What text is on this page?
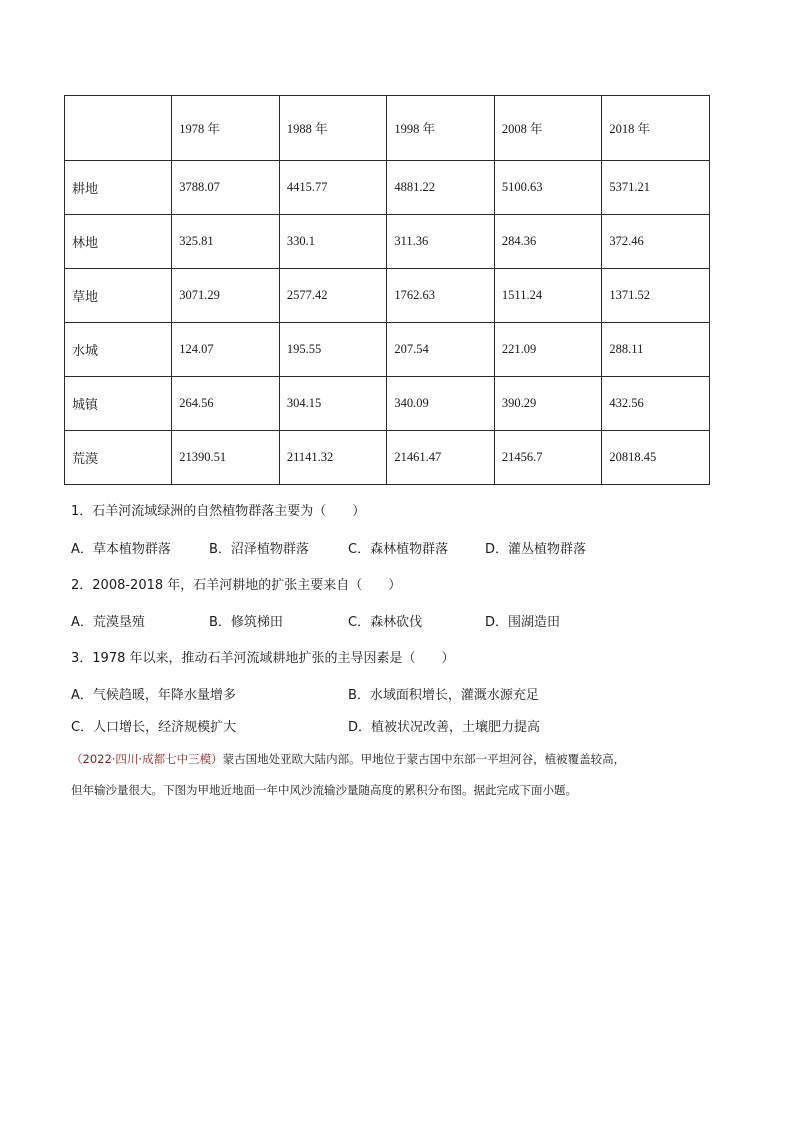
	1978 年	1988 年	1998 年	2008 年	2018 年
耕地	3788.07	4415.77	4881.22	5100.63	5371.21
林地	325.81	330.1	311.36	284.36	372.46
草地	3071.29	2577.42	1762.63	1511.24	1371.52
水城	124.07	195.55	207.54	221.09	288.11
城镇	264.56	304.15	340.09	390.29	432.56
荒漠	21390.51	21141.32	21461.47	21456.7	20818.45
1．石羊河流域绿洲的自然植物群落主要为（　　）
A．草本植物群落	B．沼泽植物群落	C．森林植物群落	D．灌丛植物群落
2．2008-2018 年，石羊河耕地的扩张主要来自（　　）
A．荒漠垦殖	B．修筑梯田	C．森林砍伐	D．围湖造田
3．1978 年以来，推动石羊河流域耕地扩张的主导因素是（　　）
A．气候趋暖，年降水量增多	B．水域面积增长，灌溉水源充足
C．人口增长，经济规模扩大	D．植被状况改善，土壤肥力提高
（2022·四川·成都七中三模）蒙古国地处亚欧大陆内部。甲地位于蒙古国中东部一平坦河谷，植被覆盖较高，
但年输沙量很大。下图为甲地近地面一年中风沙流输沙量随高度的累积分布图。据此完成下面小题。
